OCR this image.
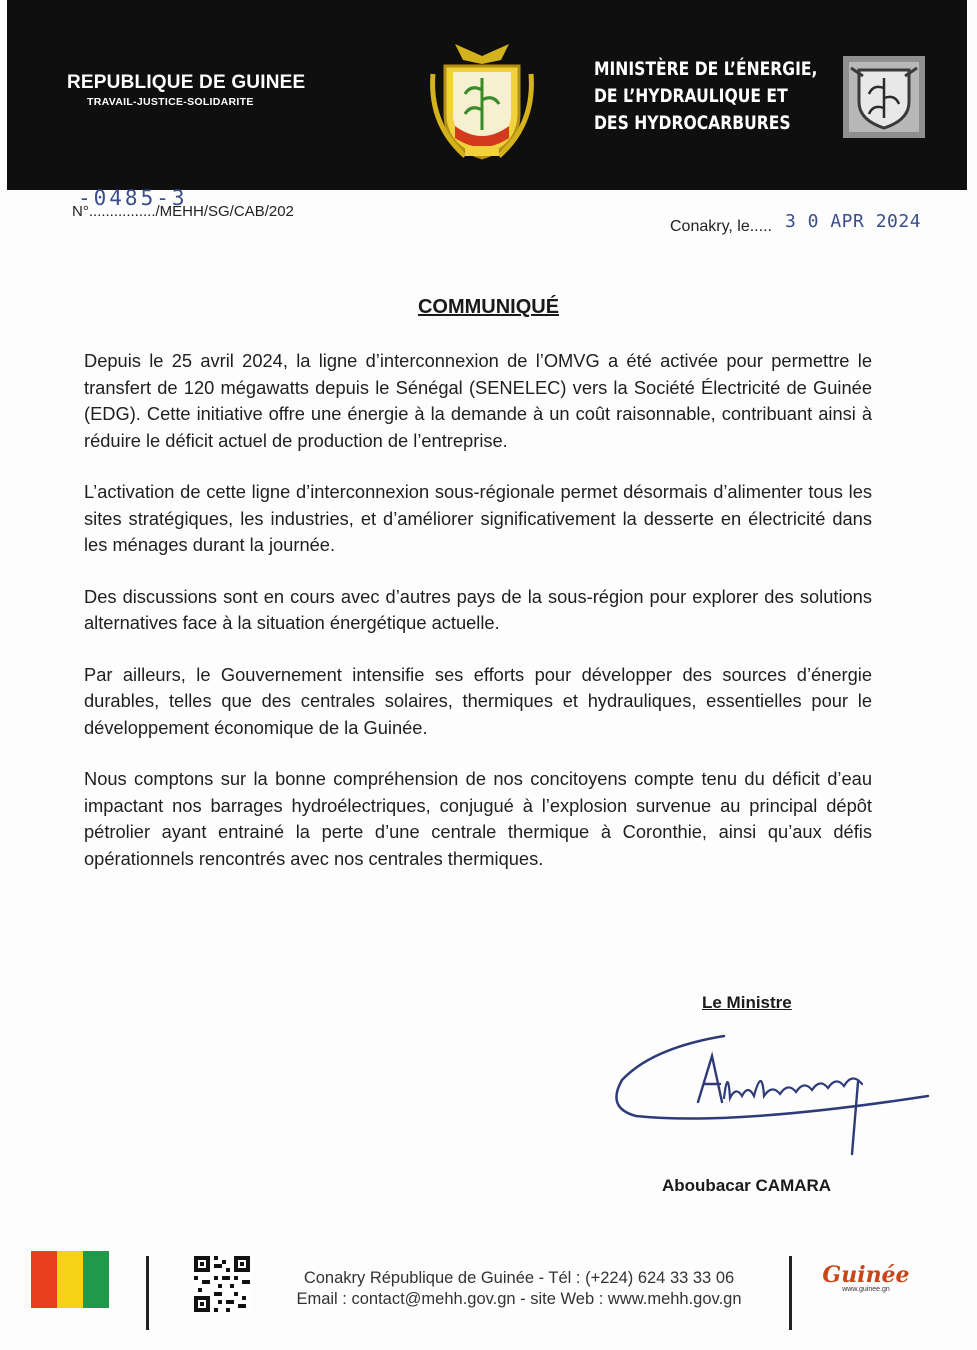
REPUBLIQUE DE GUINEE
TRAVAIL-JUSTICE-SOLIDARITE
MINISTÈRE DE L’ÉNERGIE,
DE L’HYDRAULIQUE ET
DES HYDROCARBURES
N°................/MEHH/SG/CAB/202
-0485-3
Conakry, le..... 3 0 APR 2024
COMMUNIQUÉ

Depuis le 25 avril 2024, la ligne d’interconnexion de l’OMVG a été activée pour permettre le transfert de 120 mégawatts depuis le Sénégal (SENELEC) vers la Société Électricité de Guinée (EDG). Cette initiative offre une énergie à la demande à un coût raisonnable, contribuant ainsi à réduire le déficit actuel de production de l’entreprise.

L’activation de cette ligne d’interconnexion sous-régionale permet désormais d’alimenter tous les sites stratégiques, les industries, et d’améliorer significativement la desserte en électricité dans les ménages durant la journée.

Des discussions sont en cours avec d’autres pays de la sous-région pour explorer des solutions alternatives face à la situation énergétique actuelle.

Par ailleurs, le Gouvernement intensifie ses efforts pour développer des sources d’énergie durables, telles que des centrales solaires, thermiques et hydrauliques, essentielles pour le développement économique de la Guinée.

Nous comptons sur la bonne compréhension de nos concitoyens compte tenu du déficit d’eau impactant nos barrages hydroélectriques, conjugué à l’explosion survenue au principal dépôt pétrolier ayant entrainé la perte d’une centrale thermique à Coronthie, ainsi qu’aux défis opérationnels rencontrés avec nos centrales thermiques.

Le Ministre
Aboubacar CAMARA
Conakry République de Guinée - Tél : (+224) 624 33 33 06
Email : contact@mehh.gov.gn - site Web : www.mehh.gov.gn
Guinée
www.guinee.gn
